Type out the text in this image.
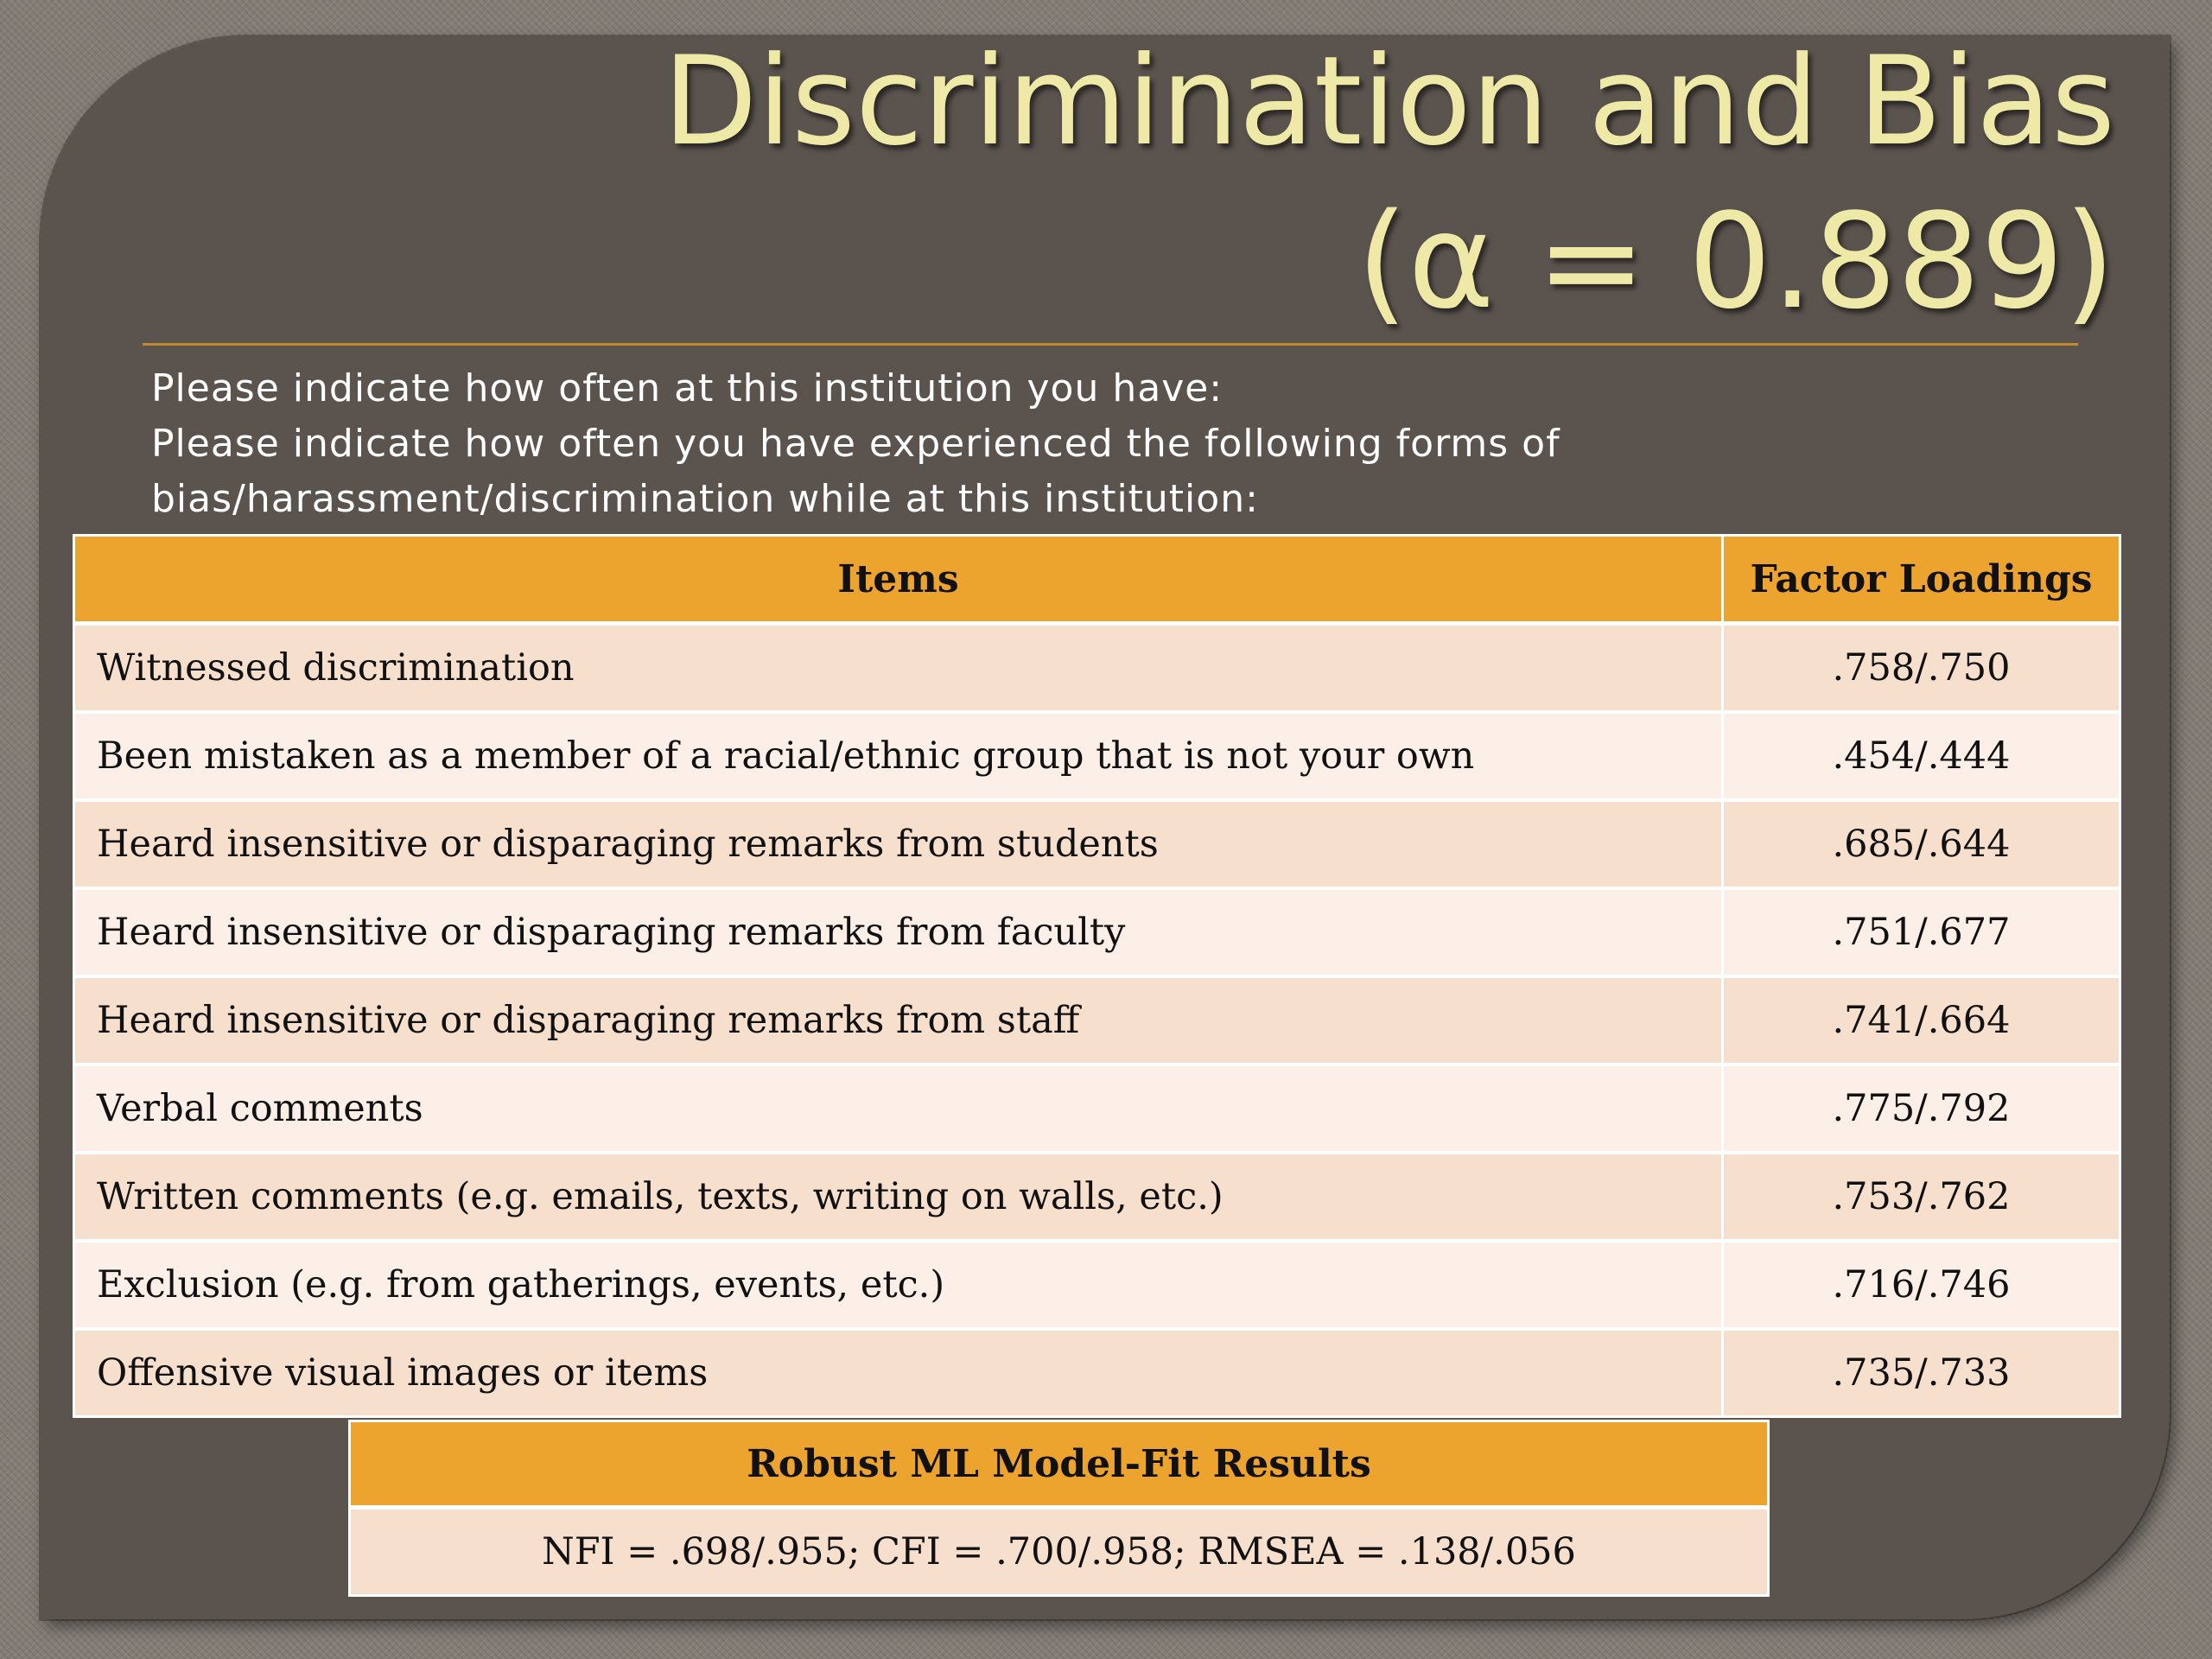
Discrimination and Bias
(α = 0.889)
Please indicate how often at this institution you have:
Please indicate how often you have experienced the following forms of
bias/harassment/discrimination while at this institution:
Items	Factor Loadings
Witnessed discrimination	.758/.750
Been mistaken as a member of a racial/ethnic group that is not your own	.454/.444
Heard insensitive or disparaging remarks from students	.685/.644
Heard insensitive or disparaging remarks from faculty	.751/.677
Heard insensitive or disparaging remarks from staff	.741/.664
Verbal comments	.775/.792
Written comments (e.g. emails, texts, writing on walls, etc.)	.753/.762
Exclusion (e.g. from gatherings, events, etc.)	.716/.746
Offensive visual images or items	.735/.733
Robust ML Model-Fit Results
NFI = .698/.955; CFI = .700/.958; RMSEA = .138/.056
